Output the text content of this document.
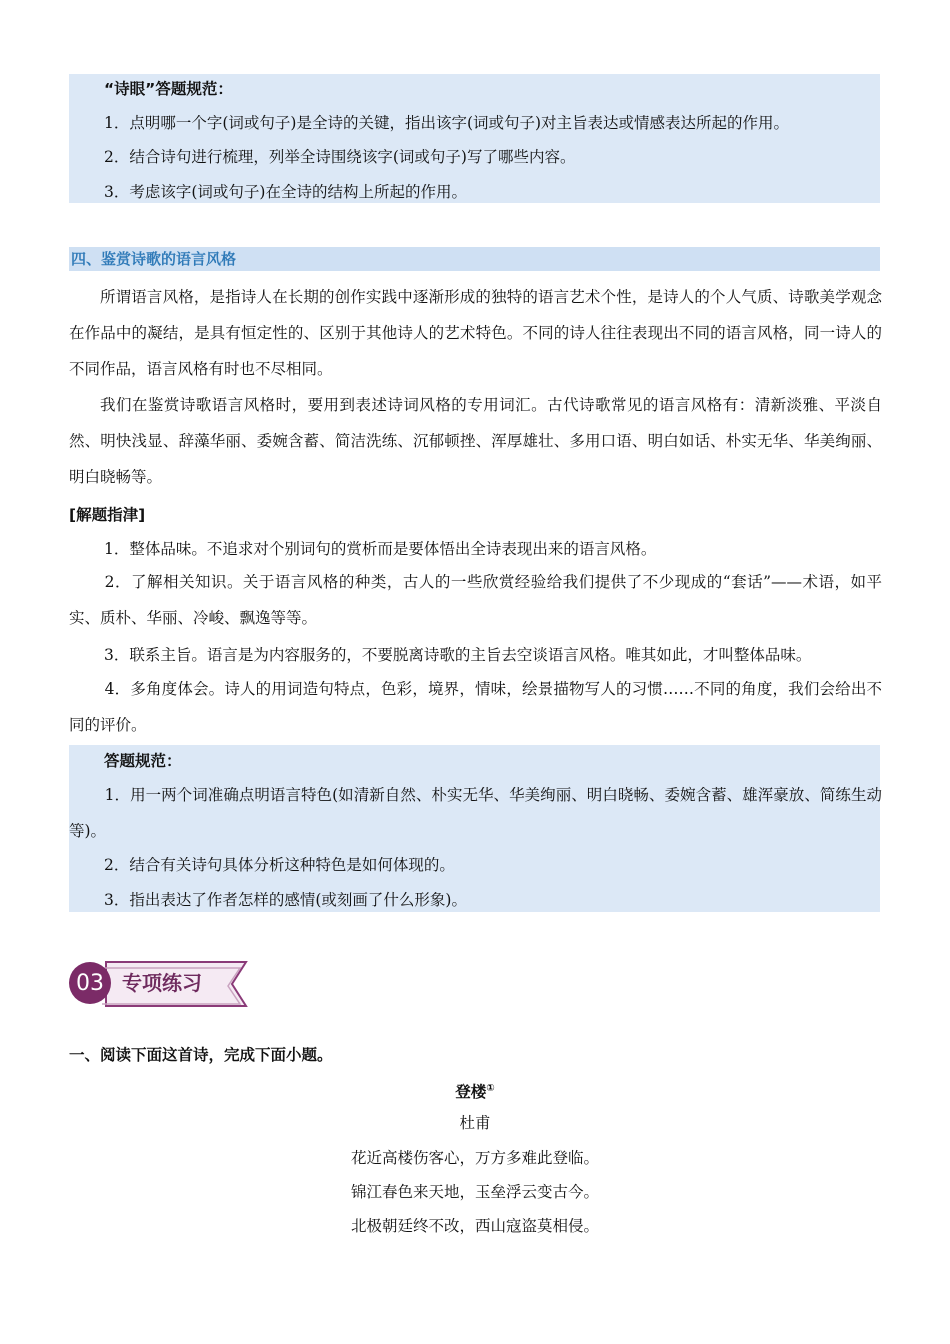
“诗眼”答题规范：
1．点明哪一个字(词或句子)是全诗的关键，指出该字(词或句子)对主旨表达或情感表达所起的作用。
2．结合诗句进行梳理，列举全诗围绕该字(词或句子)写了哪些内容。
3．考虑该字(词或句子)在全诗的结构上所起的作用。
四、鉴赏诗歌的语言风格
所谓语言风格，是指诗人在长期的创作实践中逐渐形成的独特的语言艺术个性，是诗人的个人气质、诗歌美学观念在作品中的凝结，是具有恒定性的、区别于其他诗人的艺术特色。不同的诗人往往表现出不同的语言风格，同一诗人的不同作品，语言风格有时也不尽相同。
我们在鉴赏诗歌语言风格时，要用到表述诗词风格的专用词汇。古代诗歌常见的语言风格有：清新淡雅、平淡自然、明快浅显、辞藻华丽、委婉含蓄、简洁洗练、沉郁顿挫、浑厚雄壮、多用口语、明白如话、朴实无华、华美绚丽、明白晓畅等。
[解题指津]
1．整体品味。不追求对个别词句的赏析而是要体悟出全诗表现出来的语言风格。
2．了解相关知识。关于语言风格的种类，古人的一些欣赏经验给我们提供了不少现成的“套话”——术语，如平实、质朴、华丽、冷峻、飘逸等等。
3．联系主旨。语言是为内容服务的，不要脱离诗歌的主旨去空谈语言风格。唯其如此，才叫整体品味。
4．多角度体会。诗人的用词造句特点，色彩，境界，情味，绘景描物写人的习惯……不同的角度，我们会给出不同的评价。
答题规范：
1．用一两个词准确点明语言特色(如清新自然、朴实无华、华美绚丽、明白晓畅、委婉含蓄、雄浑豪放、简练生动等)。
2．结合有关诗句具体分析这种特色是如何体现的。
3．指出表达了作者怎样的感情(或刻画了什么形象)。
03 专项练习
一、阅读下面这首诗，完成下面小题。
登楼①
杜甫
花近高楼伤客心，万方多难此登临。
锦江春色来天地，玉垒浮云变古今。
北极朝廷终不改，西山寇盗莫相侵。
